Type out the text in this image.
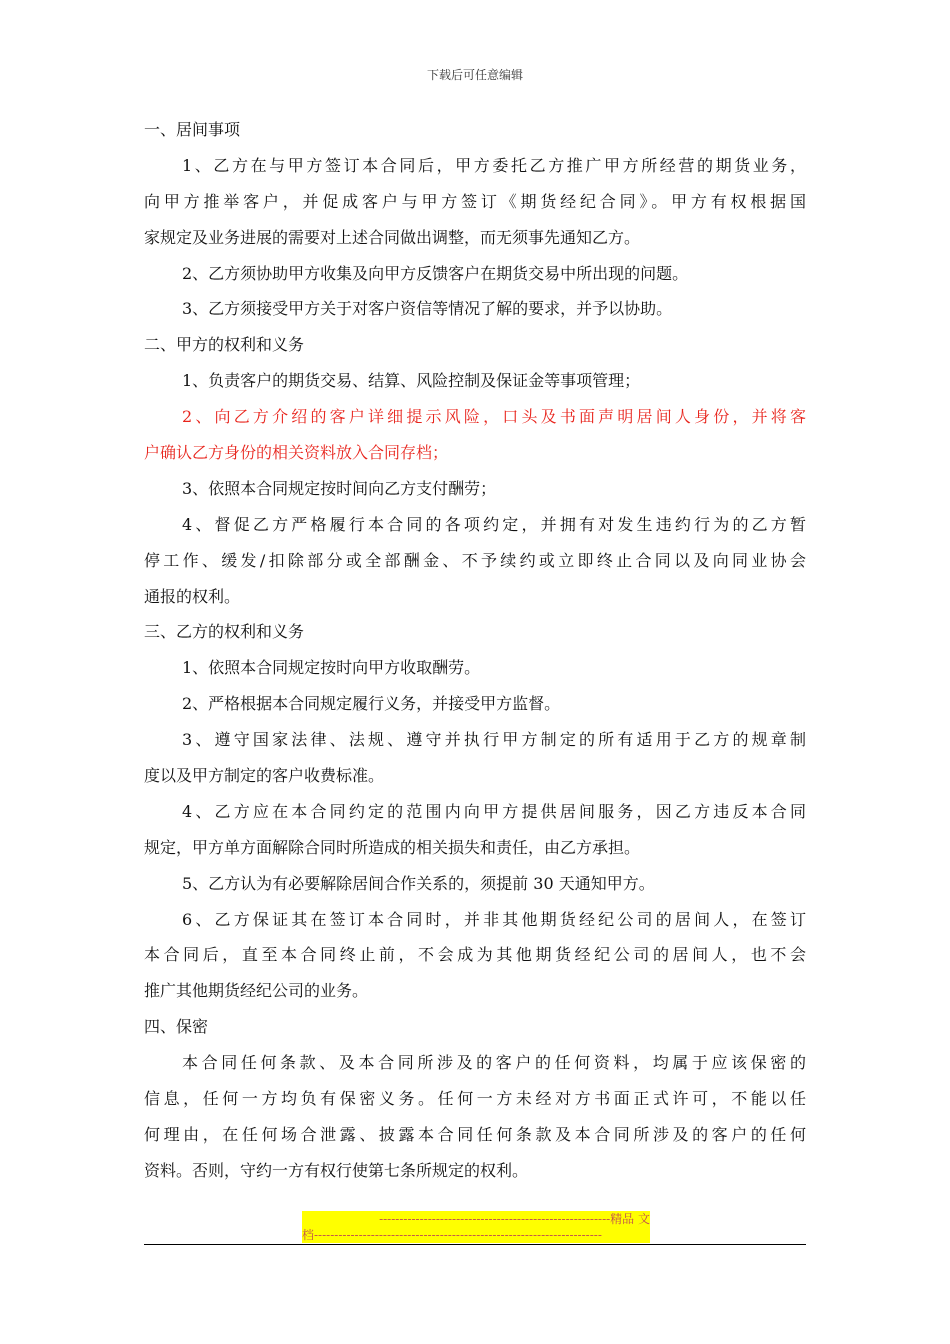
下载后可任意编辑
一、居间事项
1、乙方在与甲方签订本合同后，甲方委托乙方推广甲方所经营的期货业务，
向甲方推举客户，并促成客户与甲方签订《期货经纪合同》。甲方有权根据国
家规定及业务进展的需要对上述合同做出调整，而无须事先通知乙方。
2、乙方须协助甲方收集及向甲方反馈客户在期货交易中所出现的问题。
3、乙方须接受甲方关于对客户资信等情况了解的要求，并予以协助。
二、甲方的权利和义务
1、负责客户的期货交易、结算、风险控制及保证金等事项管理；
2、向乙方介绍的客户详细提示风险，口头及书面声明居间人身份，并将客
户确认乙方身份的相关资料放入合同存档；
3、依照本合同规定按时间向乙方支付酬劳；
4、督促乙方严格履行本合同的各项约定，并拥有对发生违约行为的乙方暂
停工作、缓发/扣除部分或全部酬金、不予续约或立即终止合同以及向同业协会
通报的权利。
三、乙方的权利和义务
1、依照本合同规定按时向甲方收取酬劳。
2、严格根据本合同规定履行义务，并接受甲方监督。
3、遵守国家法律、法规、遵守并执行甲方制定的所有适用于乙方的规章制
度以及甲方制定的客户收费标准。
4、乙方应在本合同约定的范围内向甲方提供居间服务，因乙方违反本合同
规定，甲方单方面解除合同时所造成的相关损失和责任，由乙方承担。
5、乙方认为有必要解除居间合作关系的，须提前 30 天通知甲方。
6、乙方保证其在签订本合同时，并非其他期货经纪公司的居间人，在签订
本合同后，直至本合同终止前，不会成为其他期货经纪公司的居间人，也不会
推广其他期货经纪公司的业务。
四、保密
本合同任何条款、及本合同所涉及的客户的任何资料，均属于应该保密的
信息，任何一方均负有保密义务。任何一方未经对方书面正式许可，不能以任
何理由，在任何场合泄露、披露本合同任何条款及本合同所涉及的客户的任何
资料。否则，守约一方有权行使第七条所规定的权利。
---------------------------------------------------------精品 文
档-----------------------------------------------------------------------
